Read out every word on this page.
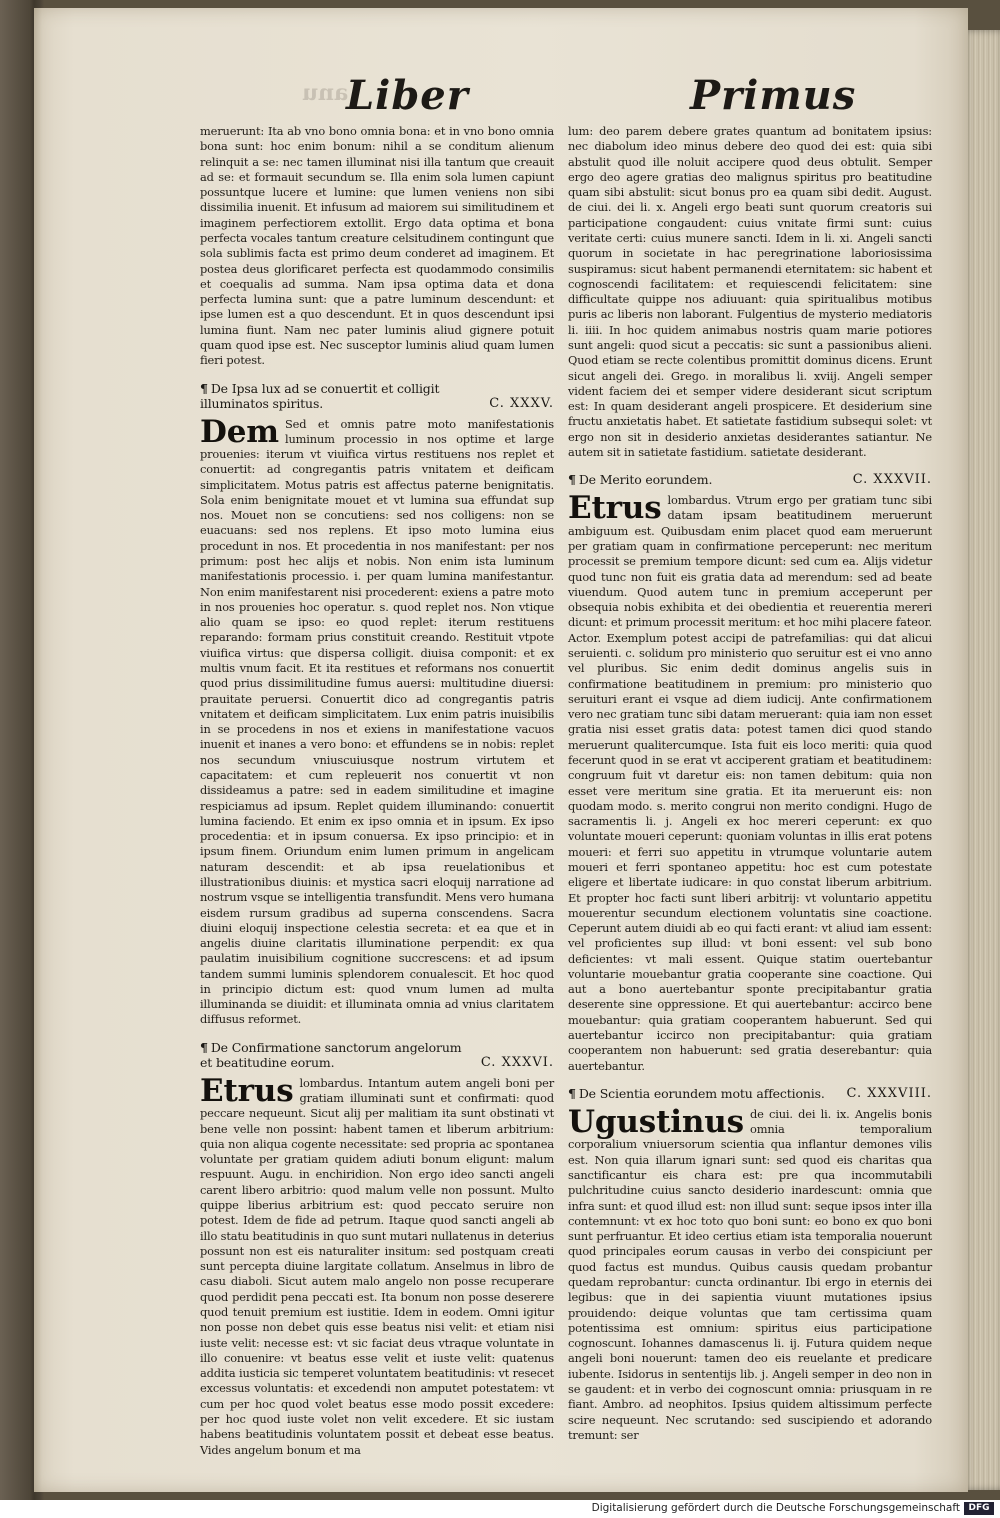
anu
Liber	Primus

meruerunt: Ita ab vno bono omnia bona: et in vno bono omnia bona sunt: hoc enim bonum: nihil a se conditum alienum relinquit a se: nec tamen illuminat nisi illa tantum que creauit ad se: et formauit secundum se. Illa enim sola lumen capiunt possuntque lucere et lumine: que lumen veniens non sibi dissimilia inuenit. Et infusum ad maiorem sui similitudinem et imaginem perfectiorem extollit. Ergo data optima et bona perfecta vocales tantum creature celsitudinem contingunt que sola sublimis facta est primo deum conderet ad imaginem. Et postea deus glorificaret perfecta est quodammodo consimilis et coequalis ad summa. Nam ipsa optima data et dona perfecta lumina sunt: que a patre luminum descendunt: et ipse lumen est a quo descendunt. Et in quos descendunt ipsi lumina fiunt. Nam nec pater luminis aliud gignere potuit quam quod ipse est. Nec susceptor luminis aliud quam lumen fieri potest.

¶ De Ipsa lux ad se conuertit et colligit illuminatos spiritus.	C. XXXV.

Dem Sed et omnis patre moto manifestationis luminum processio in nos optime et large prouenies: iterum vt viuifica virtus restituens nos replet et conuertit: ad congregantis patris vnitatem et deificam simplicitatem. Motus patris est affectus paterne benignitatis. Sola enim benignitate mouet et vt lumina sua effundat sup nos. Mouet non se concutiens: sed nos colligens: non se euacuans: sed nos replens. Et ipso moto lumina eius procedunt in nos. Et procedentia in nos manifestant: per nos primum: post hec alijs et nobis. Non enim ista luminum manifestationis processio. i. per quam lumina manifestantur. Non enim manifestarent nisi procederent: exiens a patre moto in nos prouenies hoc operatur. s. quod replet nos. Non vtique alio quam se ipso: eo quod replet: iterum restituens reparando: formam prius constituit creando. Restituit vtpote viuifica virtus: que dispersa colligit. diuisa componit: et ex multis vnum facit. Et ita restitues et reformans nos conuertit quod prius dissimilitudine fumus auersi: multitudine diuersi: prauitate peruersi. Conuertit dico ad congregantis patris vnitatem et deificam simplicitatem. Lux enim patris inuisibilis in se procedens in nos et exiens in manifestatione vacuos inuenit et inanes a vero bono: et effundens se in nobis: replet nos secundum vniuscuiusque nostrum virtutem et capacitatem: et cum repleuerit nos conuertit vt non dissideamus a patre: sed in eadem similitudine et imagine respiciamus ad ipsum. Replet quidem illuminando: conuertit lumina faciendo. Et enim ex ipso omnia et in ipsum. Ex ipso procedentia: et in ipsum conuersa. Ex ipso principio: et in ipsum finem. Oriundum enim lumen primum in angelicam naturam descendit: et ab ipsa reuelationibus et illustrationibus diuinis: et mystica sacri eloquij narratione ad nostrum vsque se intelligentia transfundit. Mens vero humana eisdem rursum gradibus ad superna conscendens. Sacra diuini eloquij inspectione celestia secreta: et ea que et in angelis diuine claritatis illuminatione perpendit: ex qua paulatim inuisibilium cognitione succrescens: et ad ipsum tandem summi luminis splendorem conualescit. Et hoc quod in principio dictum est: quod vnum lumen ad multa illuminanda se diuidit: et illuminata omnia ad vnius claritatem diffusus reformet.

¶ De Confirmatione sanctorum angelorum et beatitudine eorum.	C. XXXVI.

Etrus lombardus. Intantum autem angeli boni per gratiam illuminati sunt et confirmati: quod peccare nequeunt. Sicut alij per malitiam ita sunt obstinati vt bene velle non possint: habent tamen et liberum arbitrium: quia non aliqua cogente necessitate: sed propria ac spontanea voluntate per gratiam quidem adiuti bonum eligunt: malum respuunt. Augu. in enchiridion. Non ergo ideo sancti angeli carent libero arbitrio: quod malum velle non possunt. Multo quippe liberius arbitrium est: quod peccato seruire non potest. Idem de fide ad petrum. Itaque quod sancti angeli ab illo statu beatitudinis in quo sunt mutari nullatenus in deterius possunt non est eis naturaliter insitum: sed postquam creati sunt percepta diuine largitate collatum. Anselmus in libro de casu diaboli. Sicut autem malo angelo non posse recuperare quod perdidit pena peccati est. Ita bonum non posse deserere quod tenuit premium est iustitie. Idem in eodem. Omni igitur non posse non debet quis esse beatus nisi velit: et etiam nisi iuste velit: necesse est: vt sic faciat deus vtraque voluntate in illo conuenire: vt beatus esse velit et iuste velit: quatenus addita iusticia sic temperet voluntatem beatitudinis: vt resecet excessus voluntatis: et excedendi non amputet potestatem: vt cum per hoc quod volet beatus esse modo possit excedere: per hoc quod iuste volet non velit excedere. Et sic iustam habens beatitudinis voluntatem possit et debeat esse beatus. Vides angelum bonum et ma

lum: deo parem debere grates quantum ad bonitatem ipsius: nec diabolum ideo minus debere deo quod dei est: quia sibi abstulit quod ille noluit accipere quod deus obtulit. Semper ergo deo agere gratias deo malignus spiritus pro beatitudine quam sibi abstulit: sicut bonus pro ea quam sibi dedit. August. de ciui. dei li. x. Angeli ergo beati sunt quorum creatoris sui participatione congaudent: cuius vnitate firmi sunt: cuius veritate certi: cuius munere sancti. Idem in li. xi. Angeli sancti quorum in societate in hac peregrinatione laboriosissima suspiramus: sicut habent permanendi eternitatem: sic habent et cognoscendi facilitatem: et requiescendi felicitatem: sine difficultate quippe nos adiuuant: quia spiritualibus motibus puris ac liberis non laborant. Fulgentius de mysterio mediatoris li. iiii. In hoc quidem animabus nostris quam marie potiores sunt angeli: quod sicut a peccatis: sic sunt a passionibus alieni. Quod etiam se recte colentibus promittit dominus dicens. Erunt sicut angeli dei. Grego. in moralibus li. xviij. Angeli semper vident faciem dei et semper videre desiderant sicut scriptum est: In quam desiderant angeli prospicere. Et desiderium sine fructu anxietatis habet. Et satietate fastidium subsequi solet: vt ergo non sit in desiderio anxietas desiderantes satiantur. Ne autem sit in satietate fastidium. satietate desiderant.

¶ De Merito eorundem.	C. XXXVII.

Etrus lombardus. Vtrum ergo per gratiam tunc sibi datam ipsam beatitudinem meruerunt ambiguum est. Quibusdam enim placet quod eam meruerunt per gratiam quam in confirmatione perceperunt: nec meritum processit se premium tempore dicunt: sed cum ea. Alijs videtur quod tunc non fuit eis gratia data ad merendum: sed ad beate viuendum. Quod autem tunc in premium acceperunt per obsequia nobis exhibita et dei obedientia et reuerentia mereri dicunt: et primum processit meritum: et hoc mihi placere fateor. Actor. Exemplum potest accipi de patrefamilias: qui dat alicui seruienti. c. solidum pro ministerio quo seruitur est ei vno anno vel pluribus. Sic enim dedit dominus angelis suis in confirmatione beatitudinem in premium: pro ministerio quo seruituri erant ei vsque ad diem iudicij. Ante confirmationem vero nec gratiam tunc sibi datam meruerant: quia iam non esset gratia nisi esset gratis data: potest tamen dici quod stando meruerunt qualitercumque. Ista fuit eis loco meriti: quia quod fecerunt quod in se erat vt acciperent gratiam et beatitudinem: congruum fuit vt daretur eis: non tamen debitum: quia non esset vere meritum sine gratia. Et ita meruerunt eis: non quodam modo. s. merito congrui non merito condigni. Hugo de sacramentis li. j. Angeli ex hoc mereri ceperunt: ex quo voluntate moueri ceperunt: quoniam voluntas in illis erat potens moueri: et ferri suo appetitu in vtrumque voluntarie autem moueri et ferri spontaneo appetitu: hoc est cum potestate eligere et libertate iudicare: in quo constat liberum arbitrium. Et propter hoc facti sunt liberi arbitrij: vt voluntario appetitu mouerentur secundum electionem voluntatis sine coactione. Ceperunt autem diuidi ab eo qui facti erant: vt aliud iam essent: vel proficientes sup illud: vt boni essent: vel sub bono deficientes: vt mali essent. Quique statim ouertebantur voluntarie mouebantur gratia cooperante sine coactione. Qui aut a bono auertebantur sponte precipitabantur gratia deserente sine oppressione. Et qui auertebantur: accirco bene mouebantur: quia gratiam cooperantem habuerunt. Sed qui auertebantur iccirco non precipitabantur: quia gratiam cooperantem non habuerunt: sed gratia deserebantur: quia auertebantur.

¶ De Scientia eorundem motu affectionis.	C. XXXVIII.

Ugustinus de ciui. dei li. ix. Angelis bonis omnia temporalium corporalium vniuersorum scientia qua inflantur demones vilis est. Non quia illarum ignari sunt: sed quod eis charitas qua sanctificantur eis chara est: pre qua incommutabili pulchritudine cuius sancto desiderio inardescunt: omnia que infra sunt: et quod illud est: non illud sunt: seque ipsos inter illa contemnunt: vt ex hoc toto quo boni sunt: eo bono ex quo boni sunt perfruantur. Et ideo certius etiam ista temporalia nouerunt quod principales eorum causas in verbo dei conspiciunt per quod factus est mundus. Quibus causis quedam probantur quedam reprobantur: cuncta ordinantur. Ibi ergo in eternis dei legibus: que in dei sapientia viuunt mutationes ipsius prouidendo: deique voluntas que tam certissima quam potentissima est omnium: spiritus eius participatione cognoscunt. Iohannes damascenus li. ij. Futura quidem neque angeli boni nouerunt: tamen deo eis reuelante et predicare iubente. Isidorus in sententijs lib. j. Angeli semper in deo non in se gaudent: et in verbo dei cognoscunt omnia: priusquam in re fiant. Ambro. ad neophitos. Ipsius quidem altissimum perfecte scire nequeunt. Nec scrutando: sed suscipiendo et adorando tremunt: ser

Digitalisierung gefördert durch die Deutsche Forschungsgemeinschaft DFG
